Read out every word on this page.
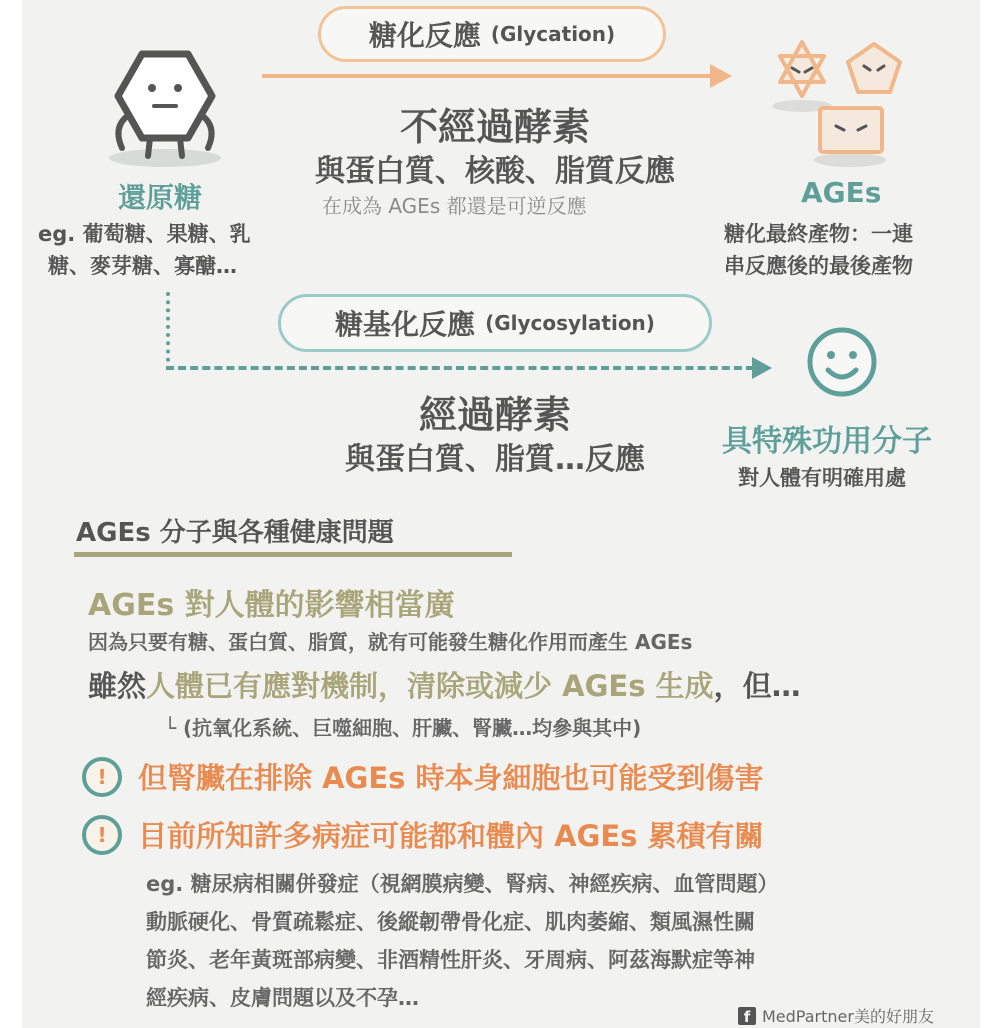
糖化反應 (Glycation)
還原糖
eg. 葡萄糖、果糖、乳
糖、麥芽糖、寡醣…
不經過酵素
與蛋白質、核酸、脂質反應
在成為 AGEs 都還是可逆反應	AGEs
糖化最終產物：一連
串反應後的最後產物
糖基化反應 (Glycosylation)
經過酵素
與蛋白質、脂質…反應
具特殊功用分子
對人體有明確用處
AGEs 分子與各種健康問題
AGEs 對人體的影響相當廣
因為只要有糖、蛋白質、脂質，就有可能發生糖化作用而產生 AGEs
雖然人體已有應對機制，清除或減少 AGEs 生成，但…
└ (抗氧化系統、巨噬細胞、肝臟、腎臟…均參與其中)
!	但腎臟在排除 AGEs 時本身細胞也可能受到傷害
!	目前所知許多病症可能都和體內 AGEs 累積有關
eg. 糖尿病相關併發症（視網膜病變、腎病、神經疾病、血管問題）
動脈硬化、骨質疏鬆症、後縱韌帶骨化症、肌肉萎縮、類風濕性關
節炎、老年黃斑部病變、非酒精性肝炎、牙周病、阿茲海默症等神
經疾病、皮膚問題以及不孕…
f MedPartner美的好朋友
